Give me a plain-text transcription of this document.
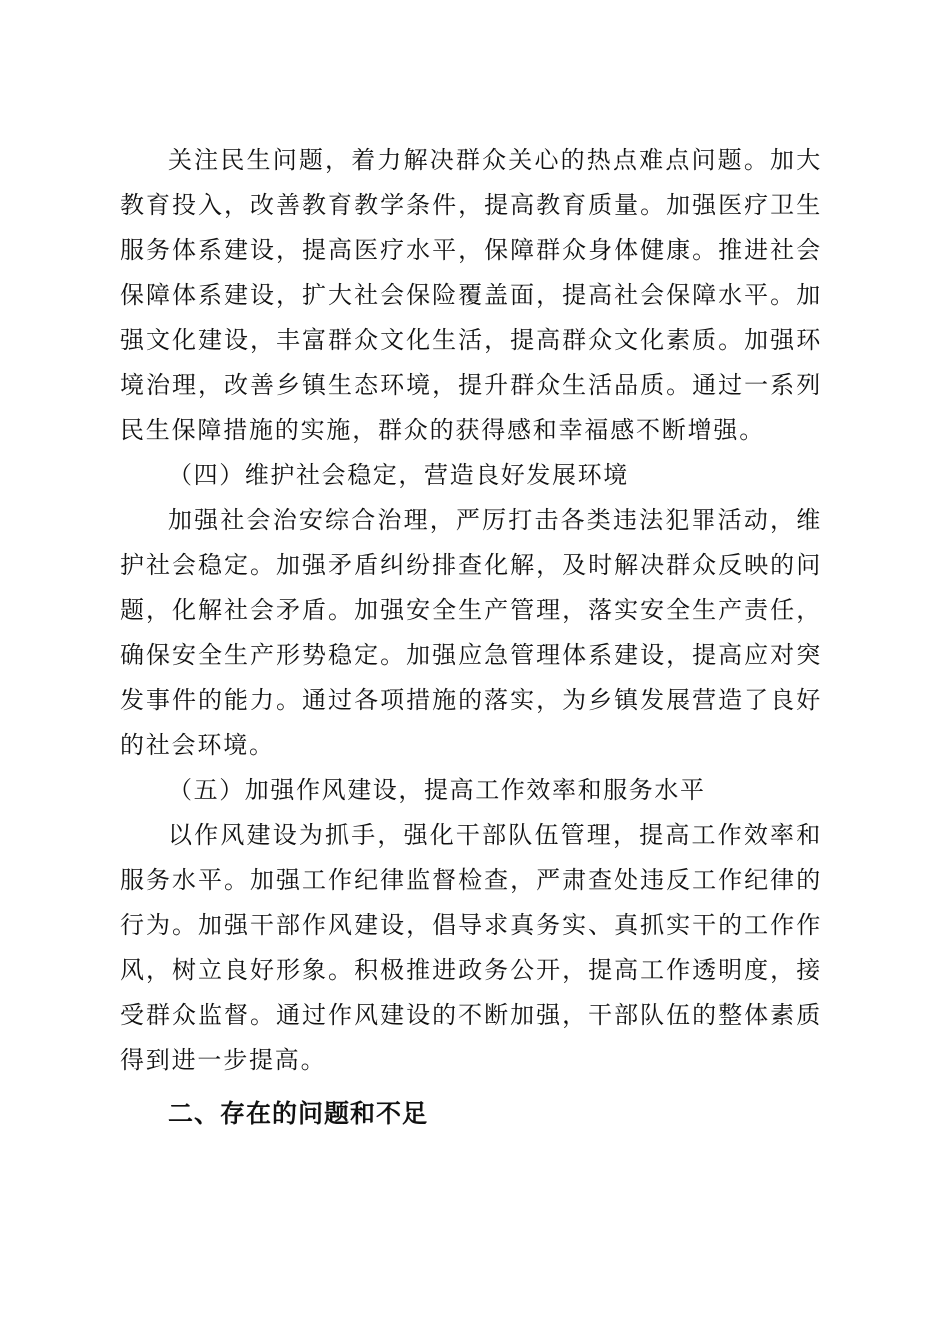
关注民生问题，着力解决群众关心的热点难点问题。加大教育投入，改善教育教学条件，提高教育质量。加强医疗卫生服务体系建设，提高医疗水平，保障群众身体健康。推进社会保障体系建设，扩大社会保险覆盖面，提高社会保障水平。加强文化建设，丰富群众文化生活，提高群众文化素质。加强环境治理，改善乡镇生态环境，提升群众生活品质。通过一系列民生保障措施的实施，群众的获得感和幸福感不断增强。

（四）维护社会稳定，营造良好发展环境

加强社会治安综合治理，严厉打击各类违法犯罪活动，维护社会稳定。加强矛盾纠纷排查化解，及时解决群众反映的问题，化解社会矛盾。加强安全生产管理，落实安全生产责任，确保安全生产形势稳定。加强应急管理体系建设，提高应对突发事件的能力。通过各项措施的落实，为乡镇发展营造了良好的社会环境。

（五）加强作风建设，提高工作效率和服务水平

以作风建设为抓手，强化干部队伍管理，提高工作效率和服务水平。加强工作纪律监督检查，严肃查处违反工作纪律的行为。加强干部作风建设，倡导求真务实、真抓实干的工作作风，树立良好形象。积极推进政务公开，提高工作透明度，接受群众监督。通过作风建设的不断加强，干部队伍的整体素质得到进一步提高。

二、存在的问题和不足
